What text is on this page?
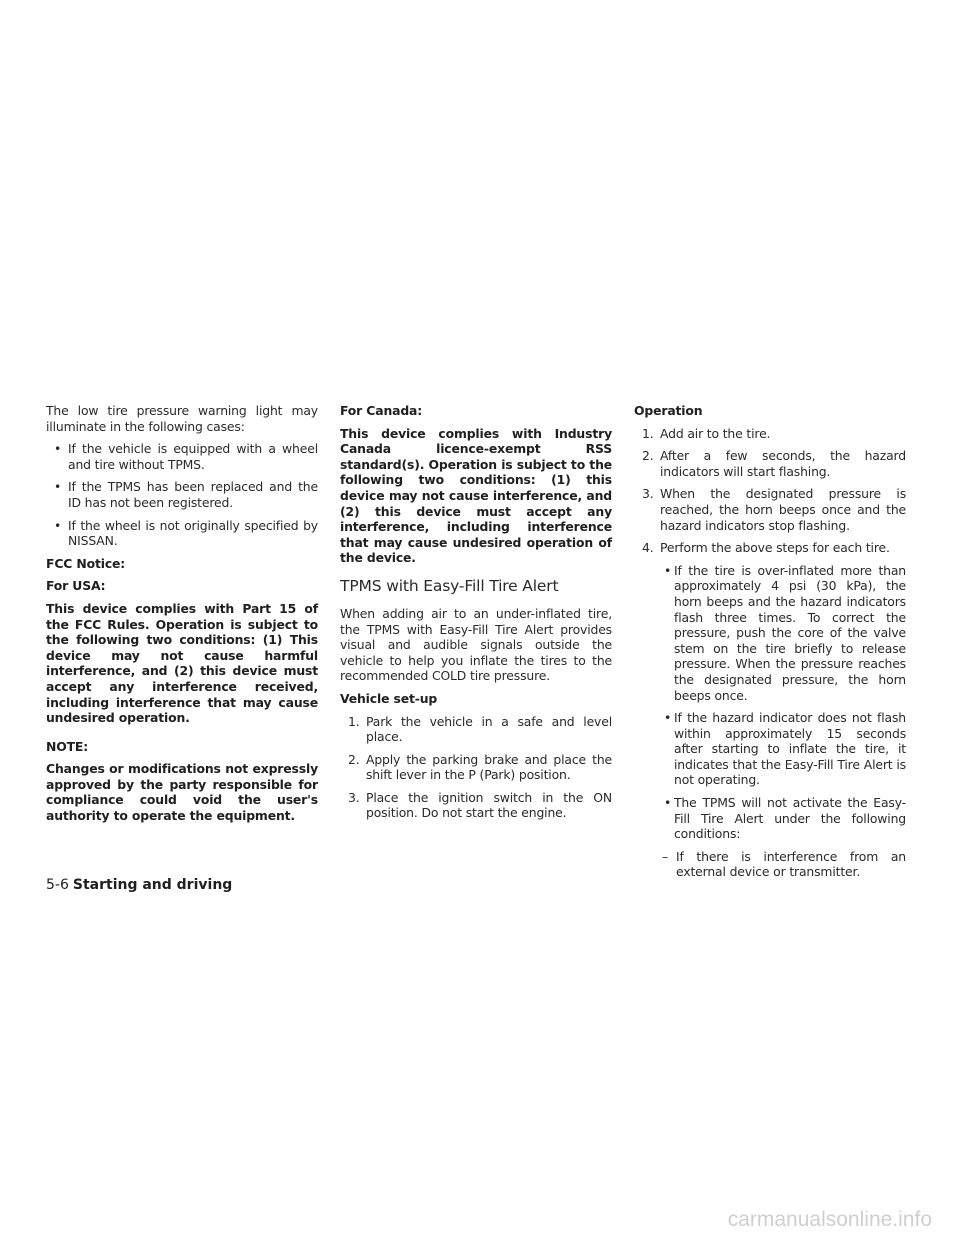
The low tire pressure warning light may illuminate in the following cases:

• If the vehicle is equipped with a wheel and tire without TPMS.
• If the TPMS has been replaced and the ID has not been registered.
• If the wheel is not originally specified by NISSAN.

FCC Notice:

For USA:

This device complies with Part 15 of the FCC Rules. Operation is subject to the following two conditions: (1) This device may not cause harmful interference, and (2) this device must accept any interference received, including interference that may cause undesired operation.

NOTE:

Changes or modifications not expressly approved by the party responsible for compliance could void the user's authority to operate the equipment.

For Canada:

This device complies with Industry Canada licence-exempt RSS standard(s). Operation is subject to the following two conditions: (1) this device may not cause interference, and (2) this device must accept any interference, including interference that may cause undesired operation of the device.

TPMS with Easy-Fill Tire Alert

When adding air to an under-inflated tire, the TPMS with Easy-Fill Tire Alert provides visual and audible signals outside the vehicle to help you inflate the tires to the recommended COLD tire pressure.

Vehicle set-up

1. Park the vehicle in a safe and level place.
2. Apply the parking brake and place the shift lever in the P (Park) position.
3. Place the ignition switch in the ON position. Do not start the engine.

Operation

1. Add air to the tire.
2. After a few seconds, the hazard indicators will start flashing.
3. When the designated pressure is reached, the horn beeps once and the hazard indicators stop flashing.
4. Perform the above steps for each tire.
• If the tire is over-inflated more than approximately 4 psi (30 kPa), the horn beeps and the hazard indicators flash three times. To correct the pressure, push the core of the valve stem on the tire briefly to release pressure. When the pressure reaches the designated pressure, the horn beeps once.
• If the hazard indicator does not flash within approximately 15 seconds after starting to inflate the tire, it indicates that the Easy-Fill Tire Alert is not operating.
• The TPMS will not activate the Easy-Fill Tire Alert under the following conditions:
– If there is interference from an external device or transmitter.
5-6 Starting and driving
carmanualsonline.info
